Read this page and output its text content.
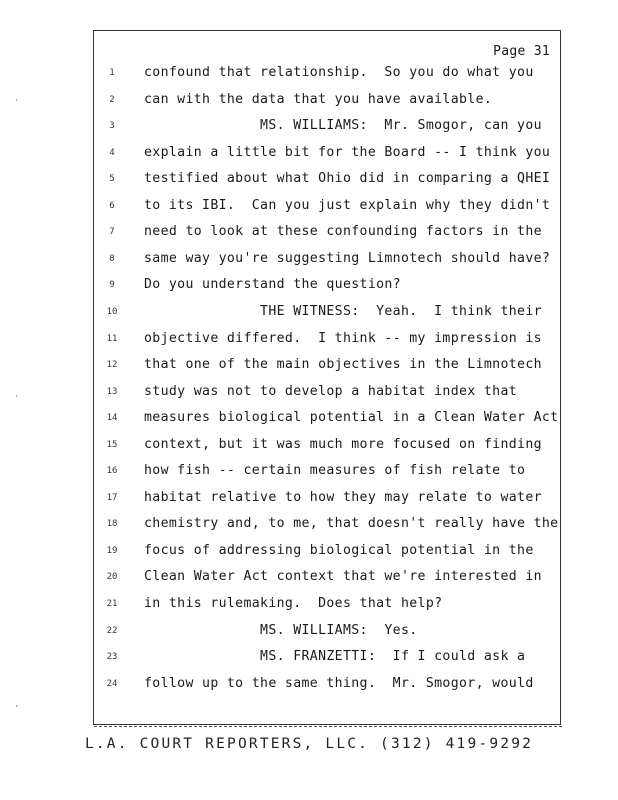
Page 31
1	confound that relationship.  So you do what you
2	can with the data that you have available.
3	MS. WILLIAMS:  Mr. Smogor, can you
4	explain a little bit for the Board -- I think you
5	testified about what Ohio did in comparing a QHEI
6	to its IBI.  Can you just explain why they didn't
7	need to look at these confounding factors in the
8	same way you're suggesting Limnotech should have?
9	Do you understand the question?
10	THE WITNESS:  Yeah.  I think their
11	objective differed.  I think -- my impression is
12	that one of the main objectives in the Limnotech
13	study was not to develop a habitat index that
14	measures biological potential in a Clean Water Act
15	context, but it was much more focused on finding
16	how fish -- certain measures of fish relate to
17	habitat relative to how they may relate to water
18	chemistry and, to me, that doesn't really have the
19	focus of addressing biological potential in the
20	Clean Water Act context that we're interested in
21	in this rulemaking.  Does that help?
22	MS. WILLIAMS:  Yes.
23	MS. FRANZETTI:  If I could ask a
24	follow up to the same thing.  Mr. Smogor, would
·
·
·
L.A. COURT REPORTERS, LLC. (312) 419-9292
